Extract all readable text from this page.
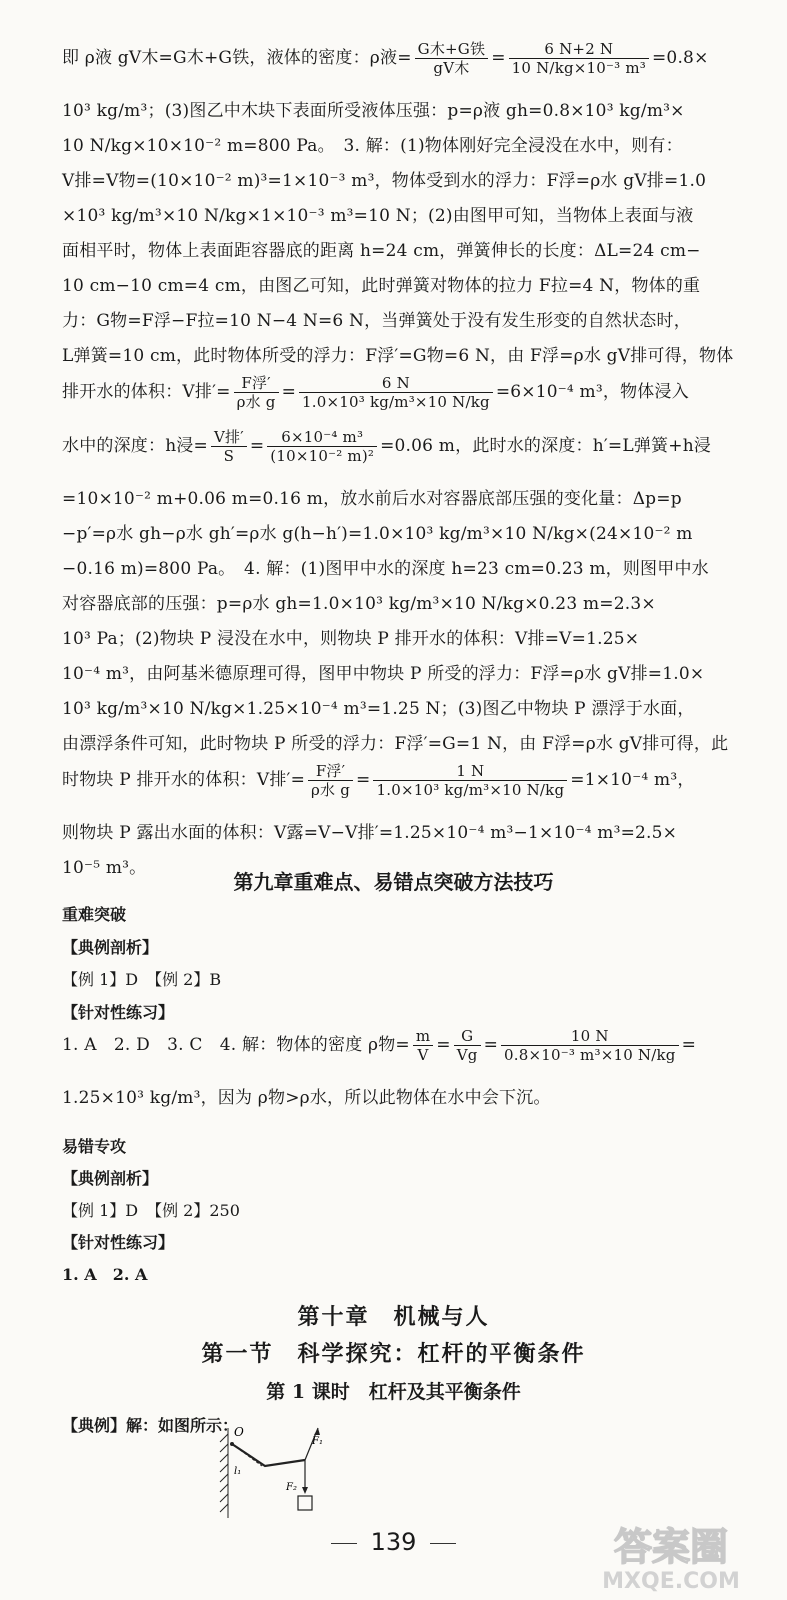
即 ρ液 gV木=G木+G铁，液体的密度：ρ液= $\frac{\text{G木+G铁}}{\text{gV木}} = \frac{6 N+2 N}{\text{10 N/kg×10⁻³ m³}} =0.8\times$
10³ kg/m³；(3)图乙中木块下表面所受液体压强：p=ρ液 gh=0.8×10³ kg/m³×
10 N/kg×10×10⁻² m=800 Pa。　3. 解：(1)物体刚好完全浸没在水中，则有：
V排=V物=(10×10⁻² m)³=1×10⁻³ m³，物体受到水的浮力：F浮=ρ水 gV排=1.0
×10³ kg/m³×10 N/kg×1×10⁻³ m³=10 N；(2)由图甲可知，当物体上表面与液
面相平时，物体上表面距容器底的距离 h=24 cm，弹簧伸长的长度：ΔL=24 cm−
10 cm−10 cm=4 cm，由图乙可知，此时弹簧对物体的拉力 F拉=4 N，物体的重
力：G物=F浮−F拉=10 N−4 N=6 N，当弹簧处于没有发生形变的自然状态时，
L弹簧=10 cm，此时物体所受的浮力：F浮′=G物=6 N，由 F浮=ρ水 gV排可得，物体
排开水的体积：V排′= $\frac{\text{F浮′}}{\text{ρ水 g}} = \frac{6 N}{\text{1.0×10³ kg/m³×10 N/kg}} =6\times 10^{-4}$ m³，物体浸入
水中的深度：h浸= $\frac{\text{V排′}}{S} = \frac{\text{6×10⁻⁴ m³}}{\text{(10×10⁻² m)²}} =0.06$ m，此时水的深度：h′=L弹簧+h浸
=10×10⁻² m+0.06 m=0.16 m，放水前后水对容器底部压强的变化量：Δp=p
−p′=ρ水 gh−ρ水 gh′=ρ水 g(h−h′)=1.0×10³ kg/m³×10 N/kg×(24×10⁻² m
−0.16 m)=800 Pa。　4. 解：(1)图甲中水的深度 h=23 cm=0.23 m，则图甲中水
对容器底部的压强：p=ρ水 gh=1.0×10³ kg/m³×10 N/kg×0.23 m=2.3×
10³ Pa；(2)物块 P 浸没在水中，则物块 P 排开水的体积：V排=V=1.25×
10⁻⁴ m³，由阿基米德原理可得，图甲中物块 P 所受的浮力：F浮=ρ水 gV排=1.0×
10³ kg/m³×10 N/kg×1.25×10⁻⁴ m³=1.25 N；(3)图乙中物块 P 漂浮于水面，
由漂浮条件可知，此时物块 P 所受的浮力：F浮′=G=1 N，由 F浮=ρ水 gV排可得，此
时物块 P 排开水的体积：V排′= $\frac{\text{F浮′}}{\text{ρ水 g}} = \frac{1 N}{\text{1.0×10³ kg/m³×10 N/kg}} =1\times 10^{-4}$ m³，
则物块 P 露出水面的体积：V露=V−V排′=1.25×10⁻⁴ m³−1×10⁻⁴ m³=2.5×
10⁻⁵ m³。
第九章重难点、易错点突破方法技巧
重难突破
【典例剖析】
【例 1】D　【例 2】B
【针对性练习】
1. A　2. D　3. C　4. 解：物体的密度 ρ物= $\frac{m}{V} = \frac{G}{Vg} = \frac{10 N}{\text{0.8×10⁻³ m³×10 N/kg}}$ =
1.25×10³ kg/m³，因为 ρ物>ρ水，所以此物体在水中会下沉。
易错专攻
【典例剖析】
【例 1】D　【例 2】250
【针对性练习】
1. A　2. A
第十章　机械与人
第一节　科学探究：杠杆的平衡条件
第 1 课时　杠杆及其平衡条件
【典例】解：如图所示：
O
F₁
l₁
F₂
139	答案圈
MXQE.COM
